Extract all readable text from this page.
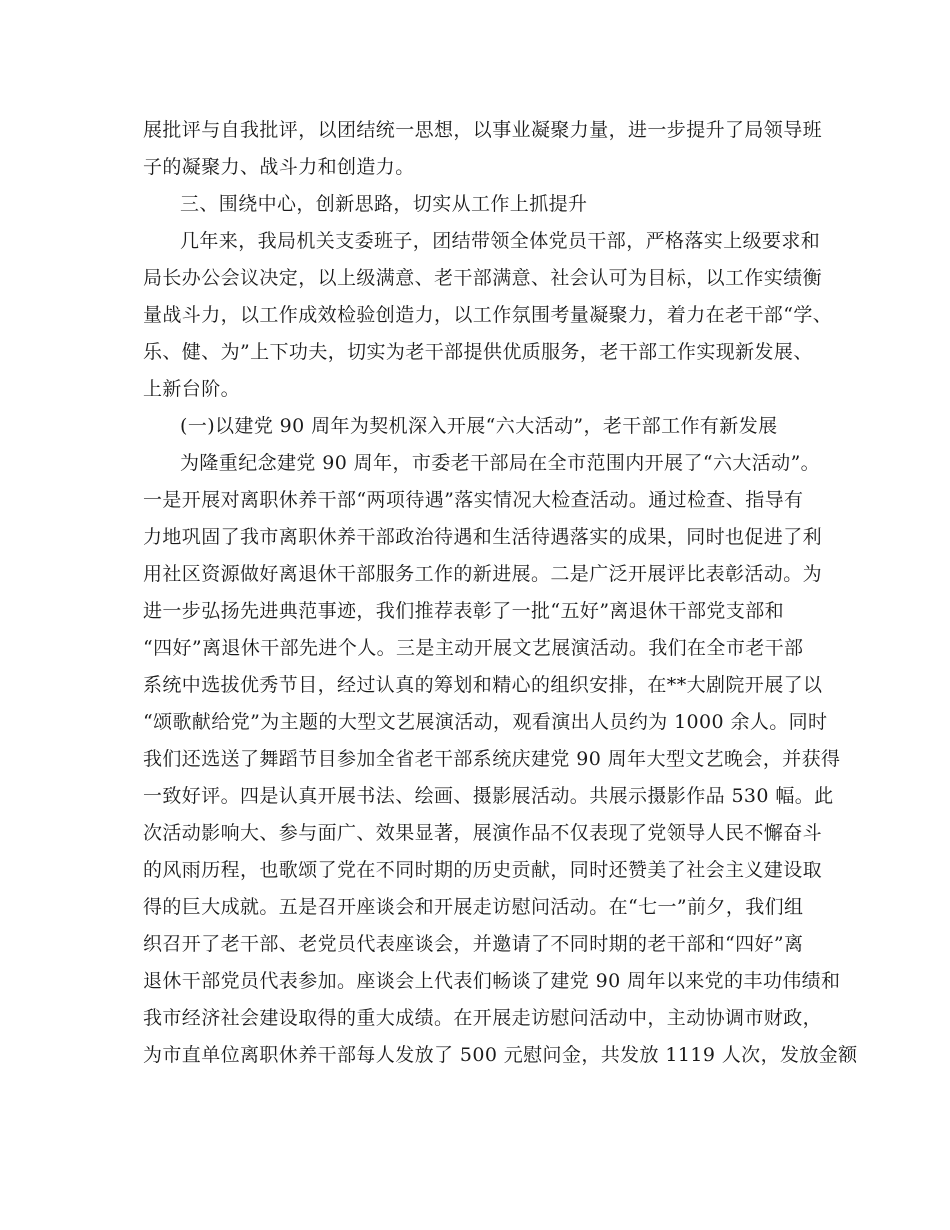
展批评与自我批评，以团结统一思想，以事业凝聚力量，进一步提升了局领导班
子的凝聚力、战斗力和创造力。
三、围绕中心，创新思路，切实从工作上抓提升
几年来，我局机关支委班子，团结带领全体党员干部，严格落实上级要求和
局长办公会议决定，以上级满意、老干部满意、社会认可为目标，以工作实绩衡
量战斗力，以工作成效检验创造力，以工作氛围考量凝聚力，着力在老干部“学、
乐、健、为”上下功夫，切实为老干部提供优质服务，老干部工作实现新发展、
上新台阶。
(一)以建党 90 周年为契机深入开展“六大活动”，老干部工作有新发展
为隆重纪念建党 90 周年，市委老干部局在全市范围内开展了“六大活动”。
一是开展对离职休养干部“两项待遇”落实情况大检查活动。通过检查、指导有
力地巩固了我市离职休养干部政治待遇和生活待遇落实的成果，同时也促进了利
用社区资源做好离退休干部服务工作的新进展。二是广泛开展评比表彰活动。为
进一步弘扬先进典范事迹，我们推荐表彰了一批“五好”离退休干部党支部和
“四好”离退休干部先进个人。三是主动开展文艺展演活动。我们在全市老干部
系统中选拔优秀节目，经过认真的筹划和精心的组织安排，在**大剧院开展了以
“颂歌献给党”为主题的大型文艺展演活动，观看演出人员约为 1000 余人。同时
我们还选送了舞蹈节目参加全省老干部系统庆建党 90 周年大型文艺晚会，并获得
一致好评。四是认真开展书法、绘画、摄影展活动。共展示摄影作品 530 幅。此
次活动影响大、参与面广、效果显著，展演作品不仅表现了党领导人民不懈奋斗
的风雨历程，也歌颂了党在不同时期的历史贡献，同时还赞美了社会主义建设取
得的巨大成就。五是召开座谈会和开展走访慰问活动。在“七一”前夕，我们组
织召开了老干部、老党员代表座谈会，并邀请了不同时期的老干部和“四好”离
退休干部党员代表参加。座谈会上代表们畅谈了建党 90 周年以来党的丰功伟绩和
我市经济社会建设取得的重大成绩。在开展走访慰问活动中，主动协调市财政，
为市直单位离职休养干部每人发放了 500 元慰问金，共发放 1119 人次，发放金额
